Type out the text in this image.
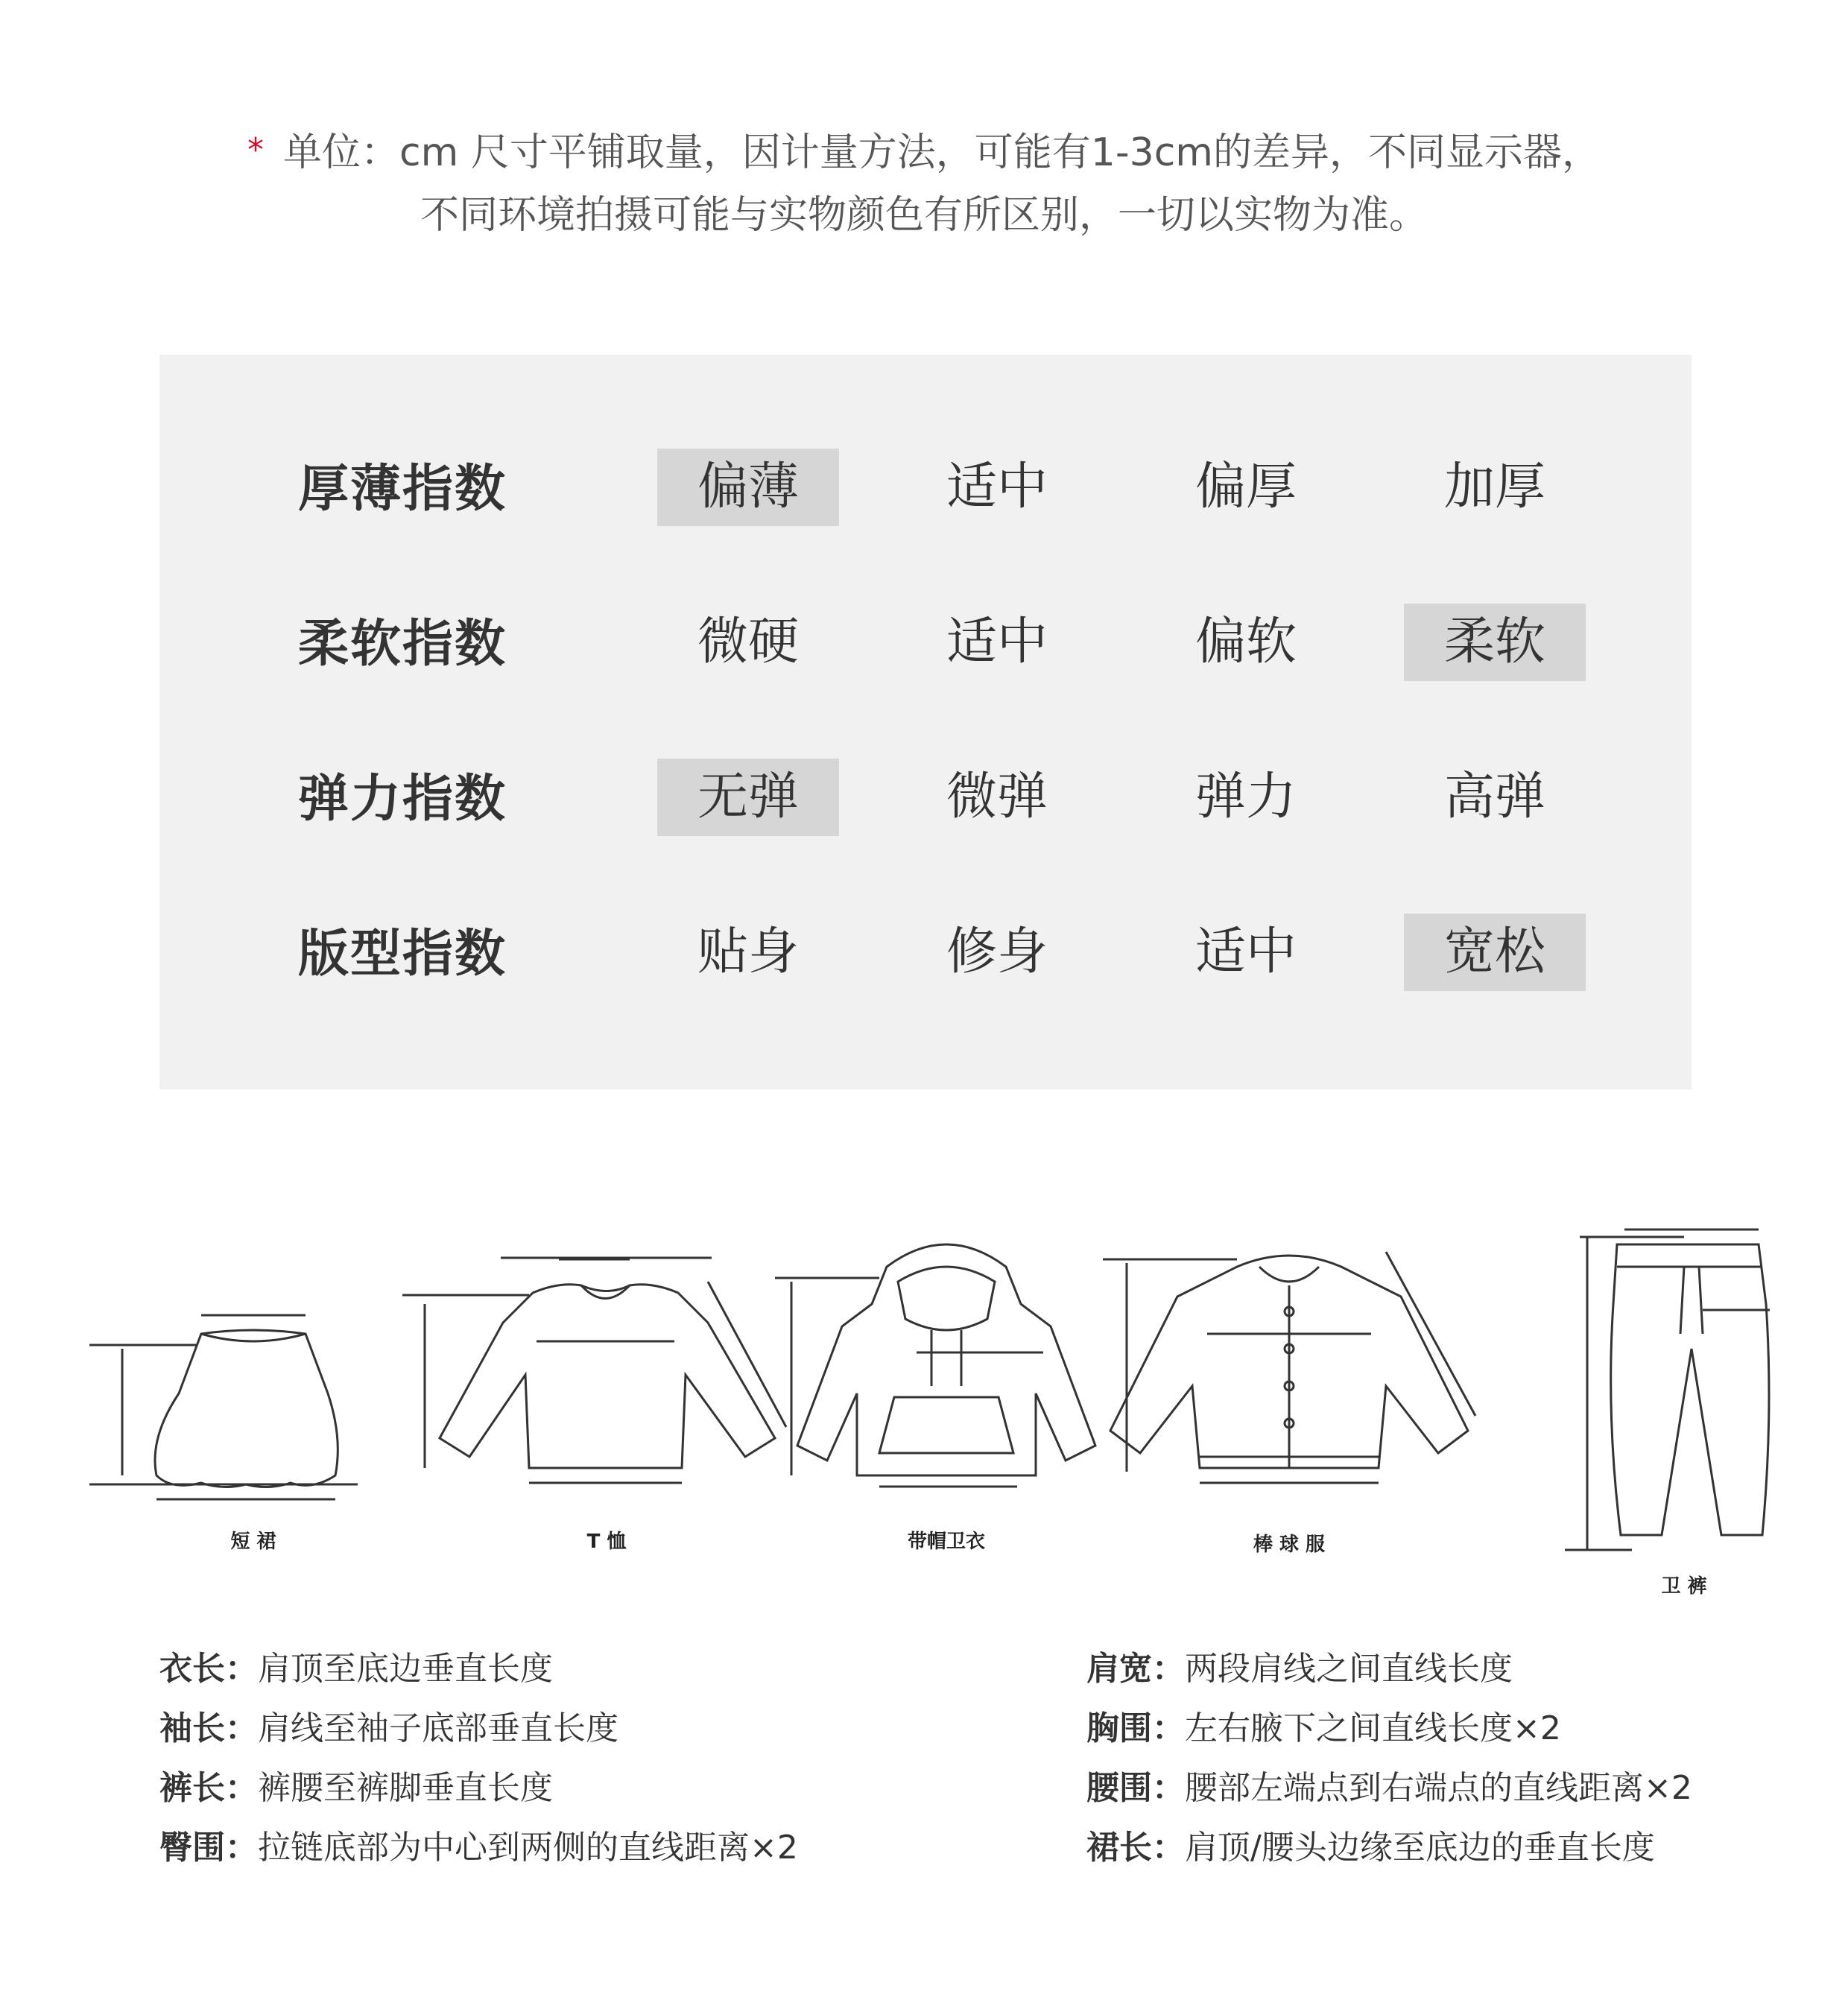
* 单位：cm 尺寸平铺取量，因计量方法，可能有1-3cm的差异，不同显示器，
不同环境拍摄可能与实物颜色有所区别，一切以实物为准。
厚薄指数	偏薄	适中	偏厚	加厚
柔软指数	微硬	适中	偏软	柔软
弹力指数	无弹	微弹	弹力	高弹
版型指数	贴身	修身	适中	宽松
短 裙	T 恤	带帽卫衣	棒 球 服
卫 裤
衣长：肩顶至底边垂直长度
袖长：肩线至袖子底部垂直长度
裤长：裤腰至裤脚垂直长度
臀围：拉链底部为中心到两侧的直线距离×2
肩宽：两段肩线之间直线长度
胸围：左右腋下之间直线长度×2
腰围：腰部左端点到右端点的直线距离×2
裙长：肩顶/腰头边缘至底边的垂直长度
